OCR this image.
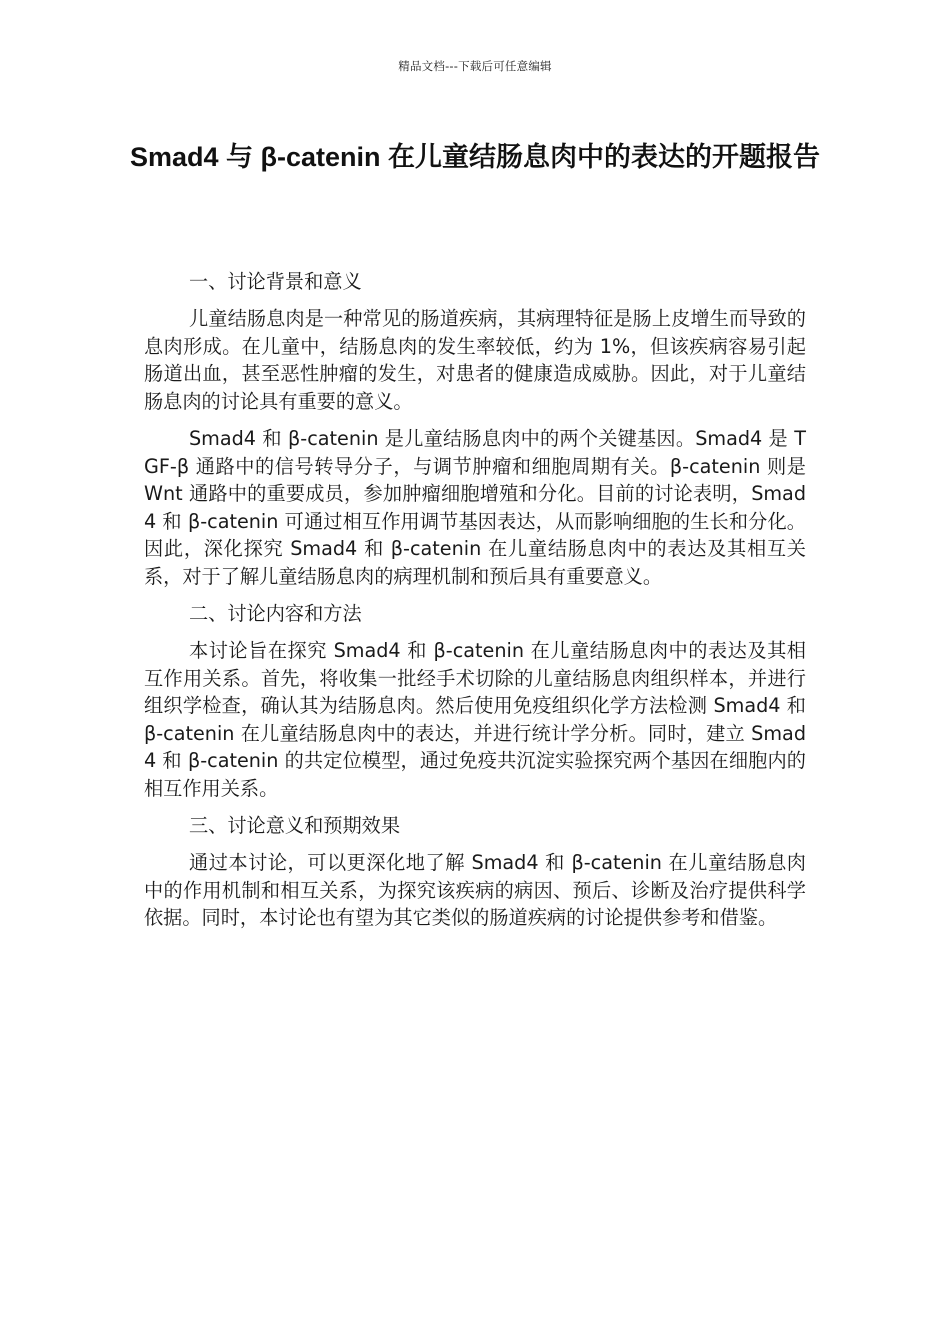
精品文档---下载后可任意编辑
Smad4 与 β-catenin 在儿童结肠息肉中的表达的开题报告
一、讨论背景和意义

儿童结肠息肉是一种常见的肠道疾病，其病理特征是肠上皮增生而导致的息肉形成。在儿童中，结肠息肉的发生率较低，约为 1%，但该疾病容易引起肠道出血，甚至恶性肿瘤的发生，对患者的健康造成威胁。因此，对于儿童结肠息肉的讨论具有重要的意义。

Smad4 和 β-catenin 是儿童结肠息肉中的两个关键基因。Smad4 是 TGF-β 通路中的信号转导分子，与调节肿瘤和细胞周期有关。β-catenin 则是 Wnt 通路中的重要成员，参加肿瘤细胞增殖和分化。目前的讨论表明，Smad4 和 β-catenin 可通过相互作用调节基因表达，从而影响细胞的生长和分化。因此，深化探究 Smad4 和 β-catenin 在儿童结肠息肉中的表达及其相互关系，对于了解儿童结肠息肉的病理机制和预后具有重要意义。

二、讨论内容和方法

本讨论旨在探究 Smad4 和 β-catenin 在儿童结肠息肉中的表达及其相互作用关系。首先，将收集一批经手术切除的儿童结肠息肉组织样本，并进行组织学检查，确认其为结肠息肉。然后使用免疫组织化学方法检测 Smad4 和 β-catenin 在儿童结肠息肉中的表达，并进行统计学分析。同时，建立 Smad4 和 β-catenin 的共定位模型，通过免疫共沉淀实验探究两个基因在细胞内的相互作用关系。

三、讨论意义和预期效果

通过本讨论，可以更深化地了解 Smad4 和 β-catenin 在儿童结肠息肉中的作用机制和相互关系，为探究该疾病的病因、预后、诊断及治疗提供科学依据。同时，本讨论也有望为其它类似的肠道疾病的讨论提供参考和借鉴。
